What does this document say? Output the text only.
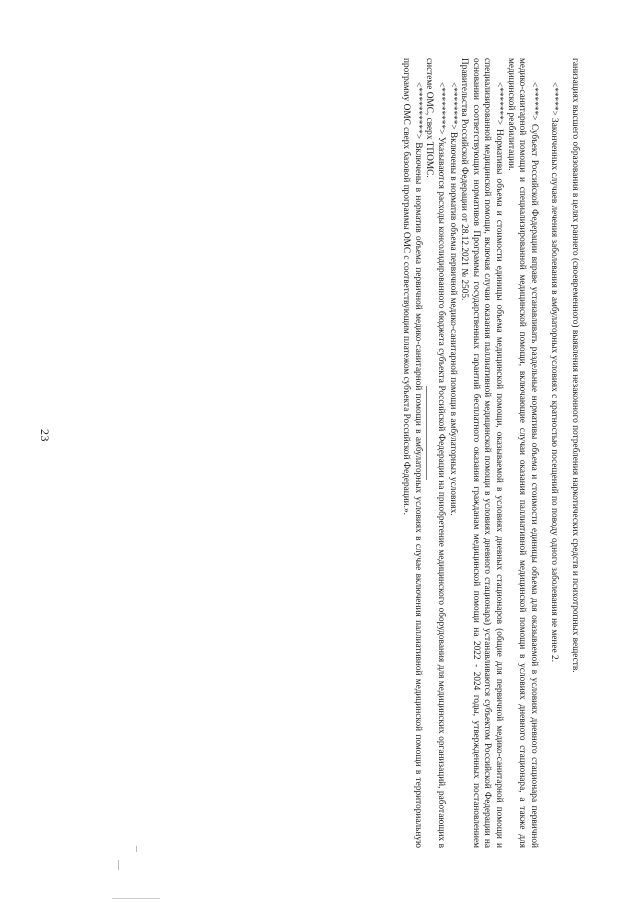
23	ганизациях высшего образования в целях раннего (своевременного) выявления незаконного потребления наркотических средств и психотропных веществ.

<*****> Законченных случаев лечения заболевания в амбулаторных условиях с кратностью посещений по поводу одного заболевания не менее 2.

<******> Субъект Российской Федерации вправе устанавливать раздельные нормативы объема и стоимости единицы объема для оказываемой в условиях дневного стационара первичной медико-санитарной помощи и специализированной медицинской помощи, включающие случаи оказания паллиативной медицинской помощи в условиях дневного стационара, а также для медицинской реабилитации.

<*******> Нормативы объема и стоимости единицы объема медицинской помощи, оказываемой в условиях дневных стационаров (общие для первичной медико-санитарной помощи и специализированной медицинской помощи, включая случаи оказания паллиативной медицинской помощи в условиях дневного стационара) устанавливаются субъектом Российской Федерации на основании соответствующих нормативов Программы государственных гарантий бесплатного оказания гражданам медицинской помощи на 2022 - 2024 годы, утвержденных постановлением Правительства Российской Федерации от 28.12.2021 № 2505.

<********> Включены в норматив объема первичной медико-санитарной помощи в амбулаторных условиях.

<*********> Указываются расходы консолидированного бюджета субъекта Российской Федерации на приобретение медицинского оборудования для медицинских организаций, работающих в системе ОМС, сверх ТПОМС.

<**********> Включены в норматив объема первичной медико-санитарной помощи в амбулаторных условиях в случае включения паллиативной медицинской помощи в территориальную программу ОМС сверх базовой программы ОМС с соответствующим платежом субъекта Российской Федерации.».
